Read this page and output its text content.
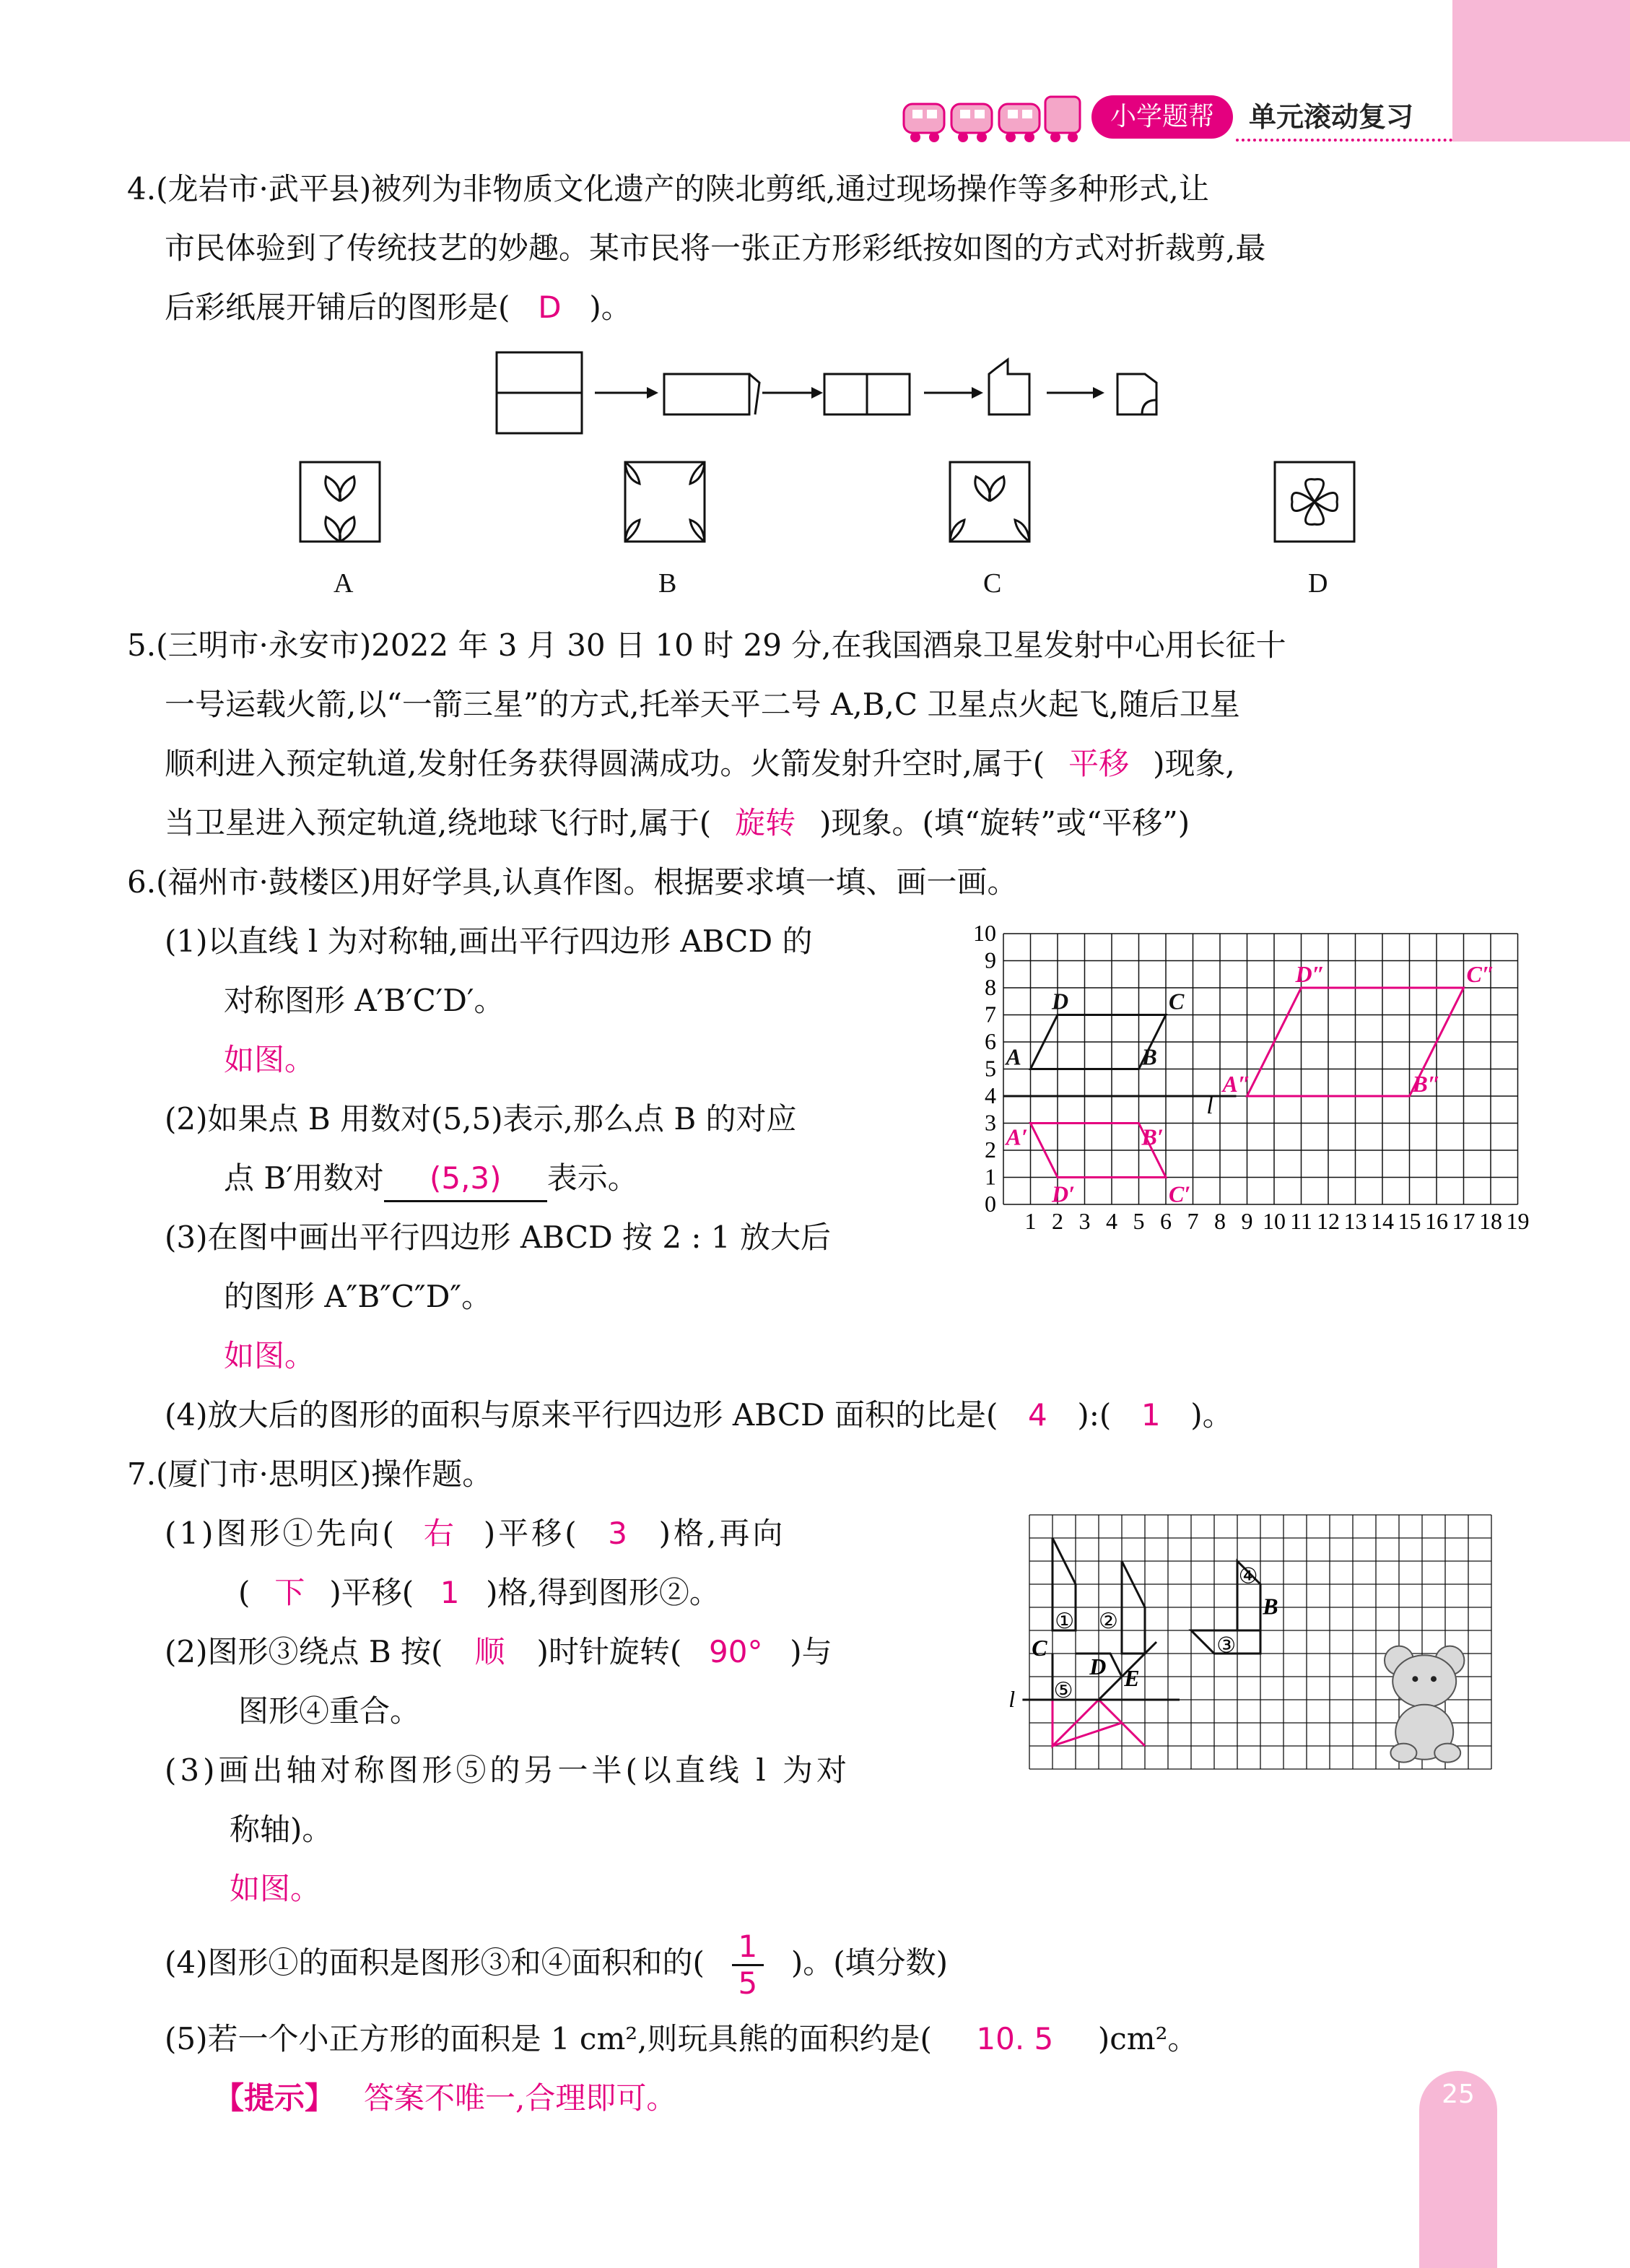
小学题帮	单元滚动复习
4.(龙岩市·武平县)被列为非物质文化遗产的陕北剪纸,通过现场操作等多种形式,让
市民体验到了传统技艺的妙趣。某市民将一张正方形彩纸按如图的方式对折裁剪,最
后彩纸展开铺后的图形是( D )。
A	B	C	D
5.(三明市·永安市)2022 年 3 月 30 日 10 时 29 分,在我国酒泉卫星发射中心用长征十
一号运载火箭,以“一箭三星”的方式,托举天平二号 A,B,C 卫星点火起飞,随后卫星
顺利进入预定轨道,发射任务获得圆满成功。火箭发射升空时,属于( 平移 )现象,
当卫星进入预定轨道,绕地球飞行时,属于( 旋转 )现象。(填“旋转”或“平移”)
6.(福州市·鼓楼区)用好学具,认真作图。根据要求填一填、画一画。
(1)以直线 l 为对称轴,画出平行四边形 ABCD 的
对称图形 A′B′C′D′。
如图。
(2)如果点 B 用数对(5,5)表示,那么点 B 的对应
点 B′用数对 (5,3) 表示。
(3)在图中画出平行四边形 ABCD 按 2 : 1 放大后
的图形 A″B″C″D″。
如图。
(4)放大后的图形的面积与原来平行四边形 ABCD 面积的比是( 4 ):( 1 )。
1 2 3 4 5 6 7 8 9 10 11 12 13 14 15 16 17 18 19
0
1
2
3
4
5
6
7
8
9
10
l
A	B
C
D
A′	B′
C′
D′
A″	B″
C″
D″
7.(厦门市·思明区)操作题。
(1)图形①先向( 右 )平移( 3 )格,再向
( 下 )平移( 1 )格,得到图形②。
(2)图形③绕点 B 按( 顺 )时针旋转( 90° )与
图形④重合。
(3)画出轴对称图形⑤的另一半(以直线 l 为对
称轴)。
如图。
(4)图形①的面积是图形③和④面积和的( $\frac{1}{5}$ )。(填分数)
(5)若一个小正方形的面积是 1 cm²,则玩具熊的面积约是( 10. 5 )cm²。
【提示】 答案不唯一,合理即可。
l
① ②
③
④
⑤
B
C
D E
25
